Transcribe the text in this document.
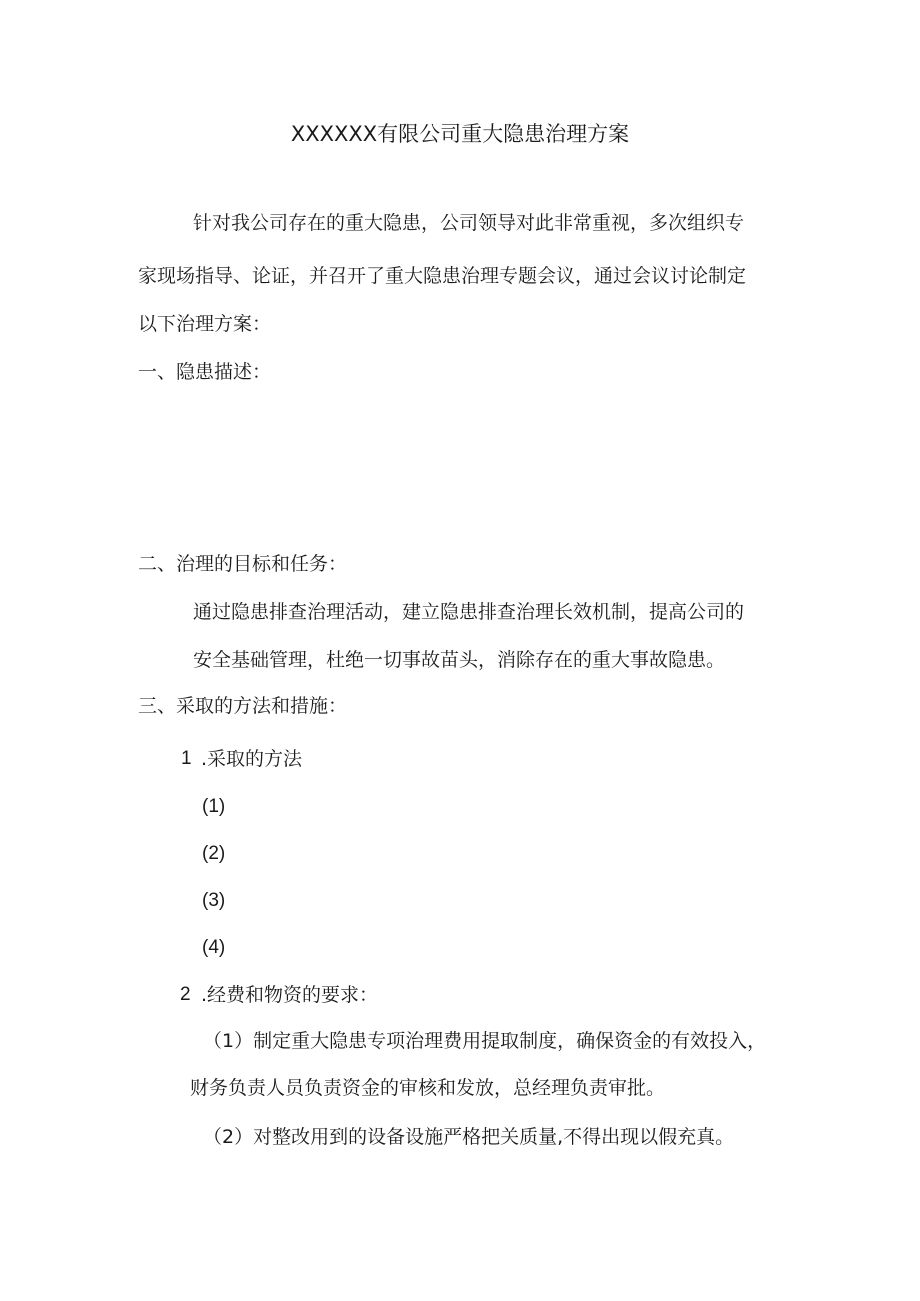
XXXXXX有限公司重大隐患治理方案
针对我公司存在的重大隐患，公司领导对此非常重视，多次组织专
家现场指导、论证，并召开了重大隐患治理专题会议，通过会议讨论制定
以下治理方案：
一、隐患描述：
二、治理的目标和任务：
通过隐患排查治理活动，建立隐患排查治理长效机制，提高公司的
安全基础管理，杜绝一切事故苗头，消除存在的重大事故隐患。
三、采取的方法和措施：
1 .采取的方法
(1)
(2)
(3)
(4)
2 .经费和物资的要求：
（1）制定重大隐患专项治理费用提取制度，确保资金的有效投入，
财务负责人员负责资金的审核和发放，总经理负责审批。
（2）对整改用到的设备设施严格把关质量,不得出现以假充真。
